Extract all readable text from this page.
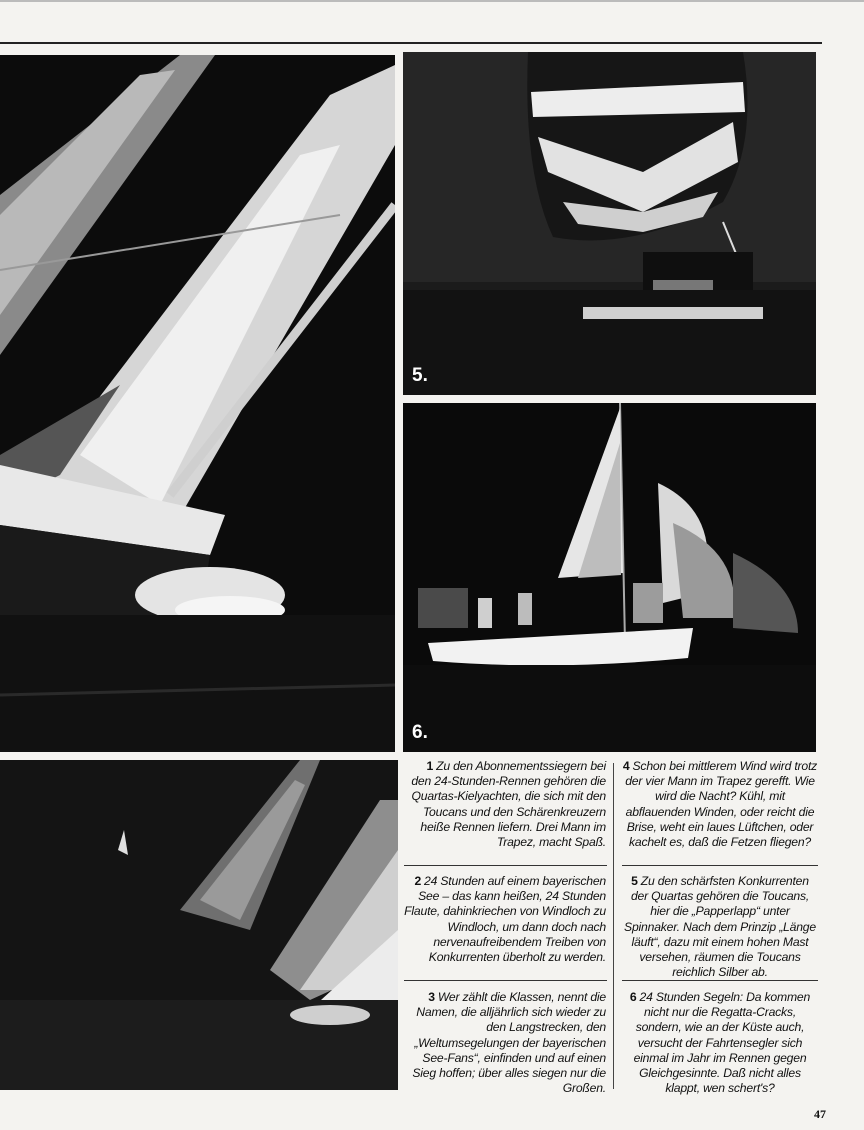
5.
6.
1 Zu den Abonnementssiegern bei den 24-Stunden-Rennen gehören die Quartas-Kielyachten, die sich mit den Toucans und den Schärenkreuzern heiße Rennen liefern. Drei Mann im Trapez, macht Spaß.
2 24 Stunden auf einem bayerischen See – das kann heißen, 24 Stunden Flaute, dahinkriechen von Windloch zu Windloch, um dann doch nach nervenaufreibendem Treiben von Konkurrenten überholt zu werden.
3 Wer zählt die Klassen, nennt die Namen, die alljährlich sich wieder zu den Langstrecken, den „Weltumsegelungen der bayerischen See-Fans“, einfinden und auf einen Sieg hoffen; über alles siegen nur die Großen.
4 Schon bei mittlerem Wind wird trotz der vier Mann im Trapez gerefft. Wie wird die Nacht? Kühl, mit abflauenden Winden, oder reicht die Brise, weht ein laues Lüftchen, oder kachelt es, daß die Fetzen fliegen?
5 Zu den schärfsten Konkurrenten der Quartas gehören die Toucans, hier die „Papperlapp“ unter Spinnaker. Nach dem Prinzip „Länge läuft“, dazu mit einem hohen Mast versehen, räumen die Toucans reichlich Silber ab.
6 24 Stunden Segeln: Da kommen nicht nur die Regatta-Cracks, sondern, wie an der Küste auch, versucht der Fahrtensegler sich einmal im Jahr im Rennen gegen Gleichgesinnte. Daß nicht alles klappt, wen schert's?
47
